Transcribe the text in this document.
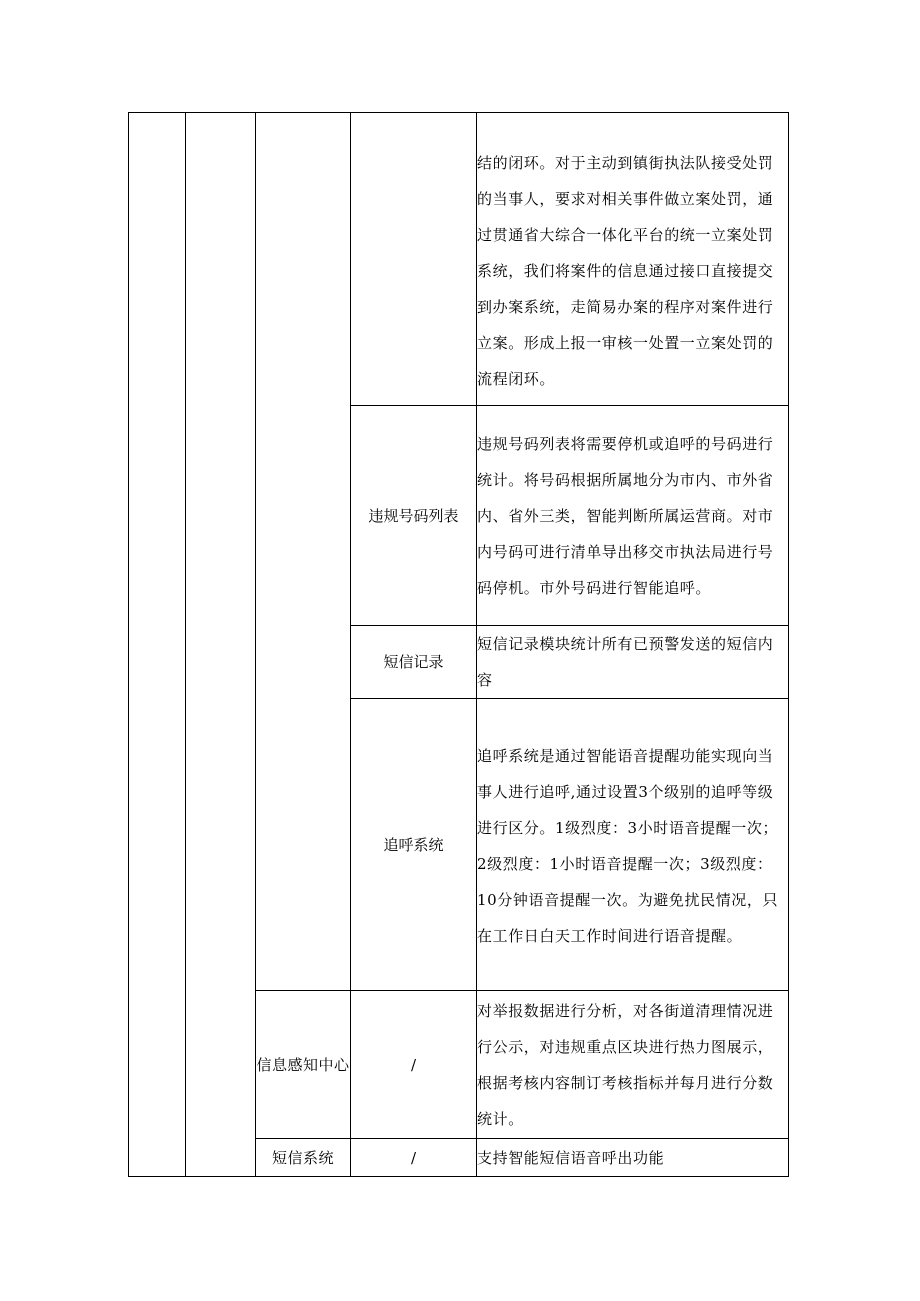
				结的闭环。对于主动到镇街执法队接受处罚的当事人，要求对相关事件做立案处罚，通过贯通省大综合一体化平台的统一立案处罚系统，我们将案件的信息通过接口直接提交到办案系统，走简易办案的程序对案件进行立案。形成上报一审核一处置一立案处罚的流程闭环。

			违规号码列表	违规号码列表将需要停机或追呼的号码进行统计。将号码根据所属地分为市内、市外省内、省外三类，智能判断所属运营商。对市内号码可进行清单导出移交市执法局进行号码停机。市外号码进行智能追呼。

			短信记录	短信记录模块统计所有已预警发送的短信内容

			追呼系统	追呼系统是通过智能语音提醒功能实现向当事人进行追呼,通过设置3个级别的追呼等级进行区分。1级烈度：3小时语音提醒一次；2级烈度：1小时语音提醒一次；3级烈度：10分钟语音提醒一次。为避免扰民情况，只在工作日白天工作时间进行语音提醒。

		信息感知中心	/	对举报数据进行分析，对各街道清理情况进行公示，对违规重点区块进行热力图展示，根据考核内容制订考核指标并每月进行分数统计。

		短信系统	/	支持智能短信语音呼出功能
